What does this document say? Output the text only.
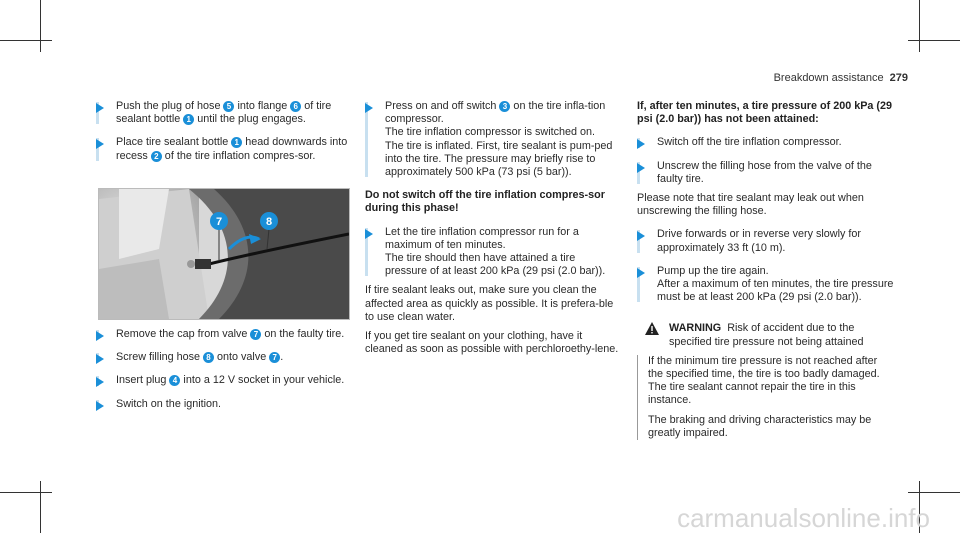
Breakdown assistance 279

Push the plug of hose 5 into flange 6 of tire sealant bottle 1 until the plug engages.

Place tire sealant bottle 1 head downwards into recess 2 of the tire inflation compres-sor.

7	8

Remove the cap from valve 7 on the faulty tire.

Screw filling hose 8 onto valve 7 .

Insert plug 4 into a 12 V socket in your vehicle.

Switch on the ignition.

Press on and off switch 3 on the tire infla-tion compressor.

The tire inflation compressor is switched on.

The tire is inflated. First, tire sealant is pum-ped into the tire. The pressure may briefly rise to approximately 500 kPa (73 psi (5 bar)).

Do not switch off the tire inflation compres-sor during this phase!

Let the tire inflation compressor run for a maximum of ten minutes.

The tire should then have attained a tire pressure of at least 200 kPa (29 psi (2.0 bar)).

If tire sealant leaks out, make sure you clean the affected area as quickly as possible. It is prefera-ble to use clean water.

If you get tire sealant on your clothing, have it cleaned as soon as possible with perchloroethy-lene.

If, after ten minutes, a tire pressure of 200 kPa (29 psi (2.0 bar)) has not been attained:

Switch off the tire inflation compressor.

Unscrew the filling hose from the valve of the faulty tire.

Please note that tire sealant may leak out when unscrewing the filling hose.

Drive forwards or in reverse very slowly for approximately 33 ft (10 m).

Pump up the tire again.

After a maximum of ten minutes, the tire pressure must be at least 200 kPa (29 psi (2.0 bar)).

WARNING Risk of accident due to the specified tire pressure not being attained

If the minimum tire pressure is not reached after the specified time, the tire is too badly damaged. The tire sealant cannot repair the tire in this instance.

The braking and driving characteristics may be greatly impaired.

carmanualsonline.info
